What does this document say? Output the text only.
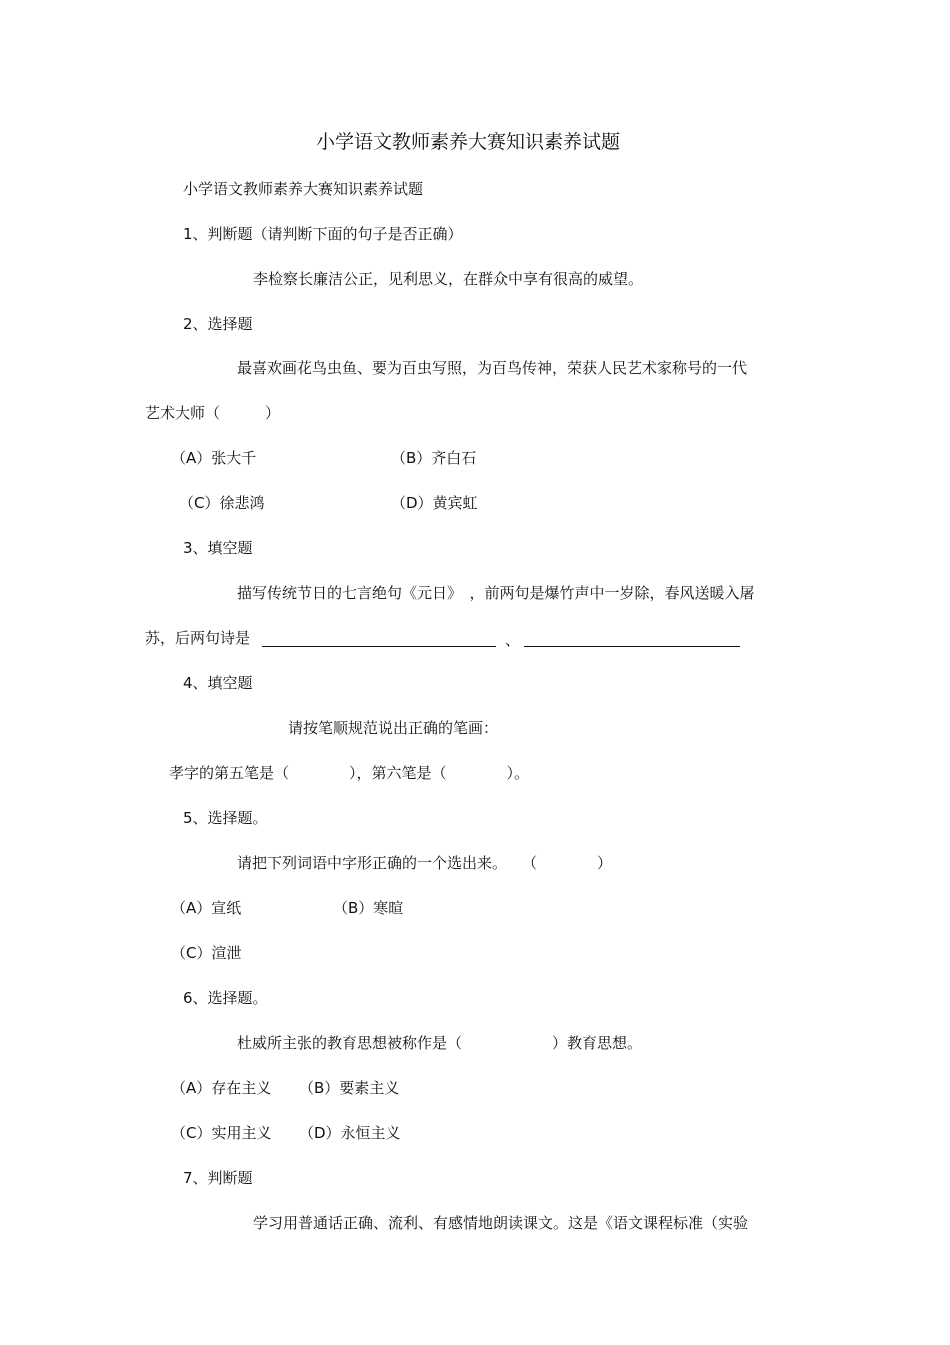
小学语文教师素养大赛知识素养试题
小学语文教师素养大赛知识素养试题
1、判断题（请判断下面的句子是否正确）
李检察长廉洁公正，见利思义，在群众中享有很高的威望。
2、选择题
最喜欢画花鸟虫鱼、要为百虫写照，为百鸟传神，荣获人民艺术家称号的一代
艺术大师（　　　）
（A）张大千	（B）齐白石
（C）徐悲鸿	（D）黄宾虹
3、填空题
描写传统节日的七言绝句《元日》　，前两句是爆竹声中一岁除，春风送暖入屠
苏，后两句诗是	、
4、填空题
请按笔顺规范说出正确的笔画：
孝字的第五笔是（　　　　），第六笔是（　　　　）。
5、选择题。
请把下列词语中字形正确的一个选出来。　　（　　　　）
（A）宣纸	（B）寒暄
（C）渲泄
6、选择题。
杜威所主张的教育思想被称作是（　　　　　　）教育思想。
（A）存在主义 （B）要素主义
（C）实用主义 （D）永恒主义
7、判断题
学习用普通话正确、流利、有感情地朗读课文。这是《语文课程标准（实验
